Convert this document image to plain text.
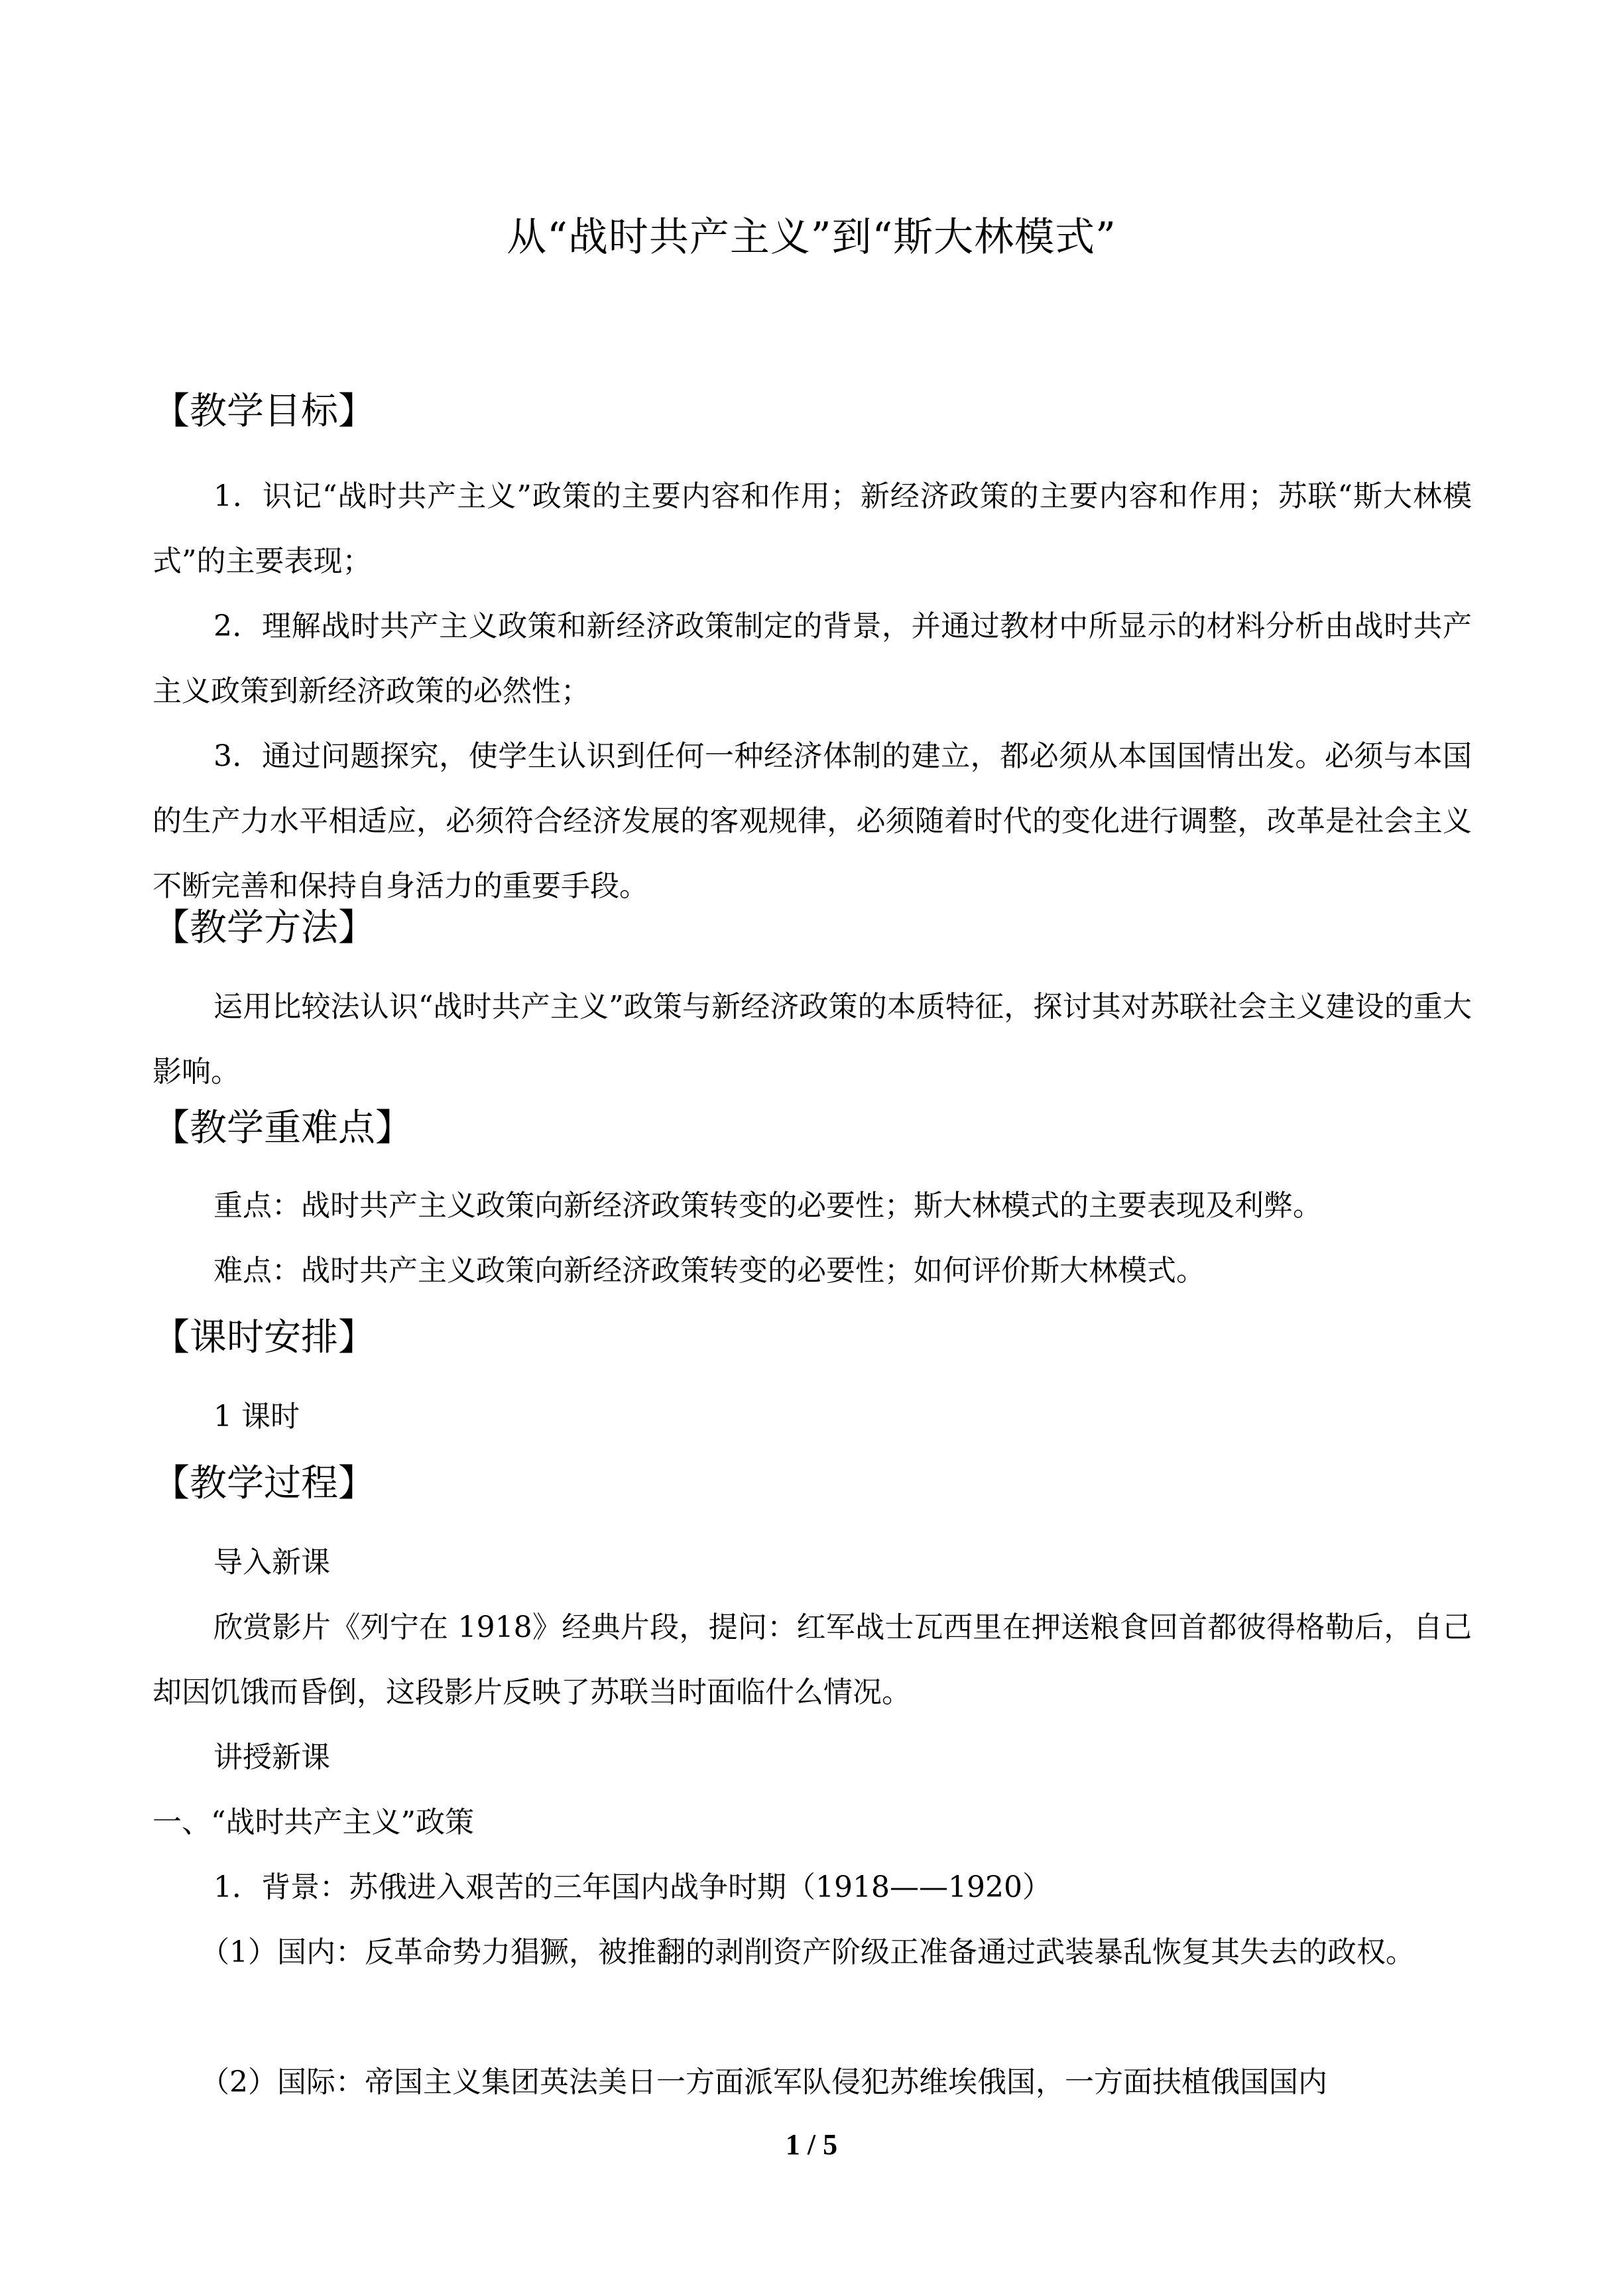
从“战时共产主义”到“斯大林模式”
【教学目标】
1．识记“战时共产主义”政策的主要内容和作用；新经济政策的主要内容和作用；苏联“斯大林模式”的主要表现；
2．理解战时共产主义政策和新经济政策制定的背景，并通过教材中所显示的材料分析由战时共产主义政策到新经济政策的必然性；
3．通过问题探究，使学生认识到任何一种经济体制的建立，都必须从本国国情出发。必须与本国的生产力水平相适应，必须符合经济发展的客观规律，必须随着时代的变化进行调整，改革是社会主义不断完善和保持自身活力的重要手段。
【教学方法】
运用比较法认识“战时共产主义”政策与新经济政策的本质特征，探讨其对苏联社会主义建设的重大影响。
【教学重难点】
重点：战时共产主义政策向新经济政策转变的必要性；斯大林模式的主要表现及利弊。
难点：战时共产主义政策向新经济政策转变的必要性；如何评价斯大林模式。
【课时安排】
1 课时
【教学过程】
导入新课
欣赏影片《列宁在 1918》经典片段，提问：红军战士瓦西里在押送粮食回首都彼得格勒后，自己却因饥饿而昏倒，这段影片反映了苏联当时面临什么情况。
讲授新课
一、“战时共产主义”政策
1．背景：苏俄进入艰苦的三年国内战争时期（1918——1920）
（1）国内：反革命势力猖獗，被推翻的剥削资产阶级正准备通过武装暴乱恢复其失去的政权。
（2）国际：帝国主义集团英法美日一方面派军队侵犯苏维埃俄国，一方面扶植俄国国内
1 / 5
